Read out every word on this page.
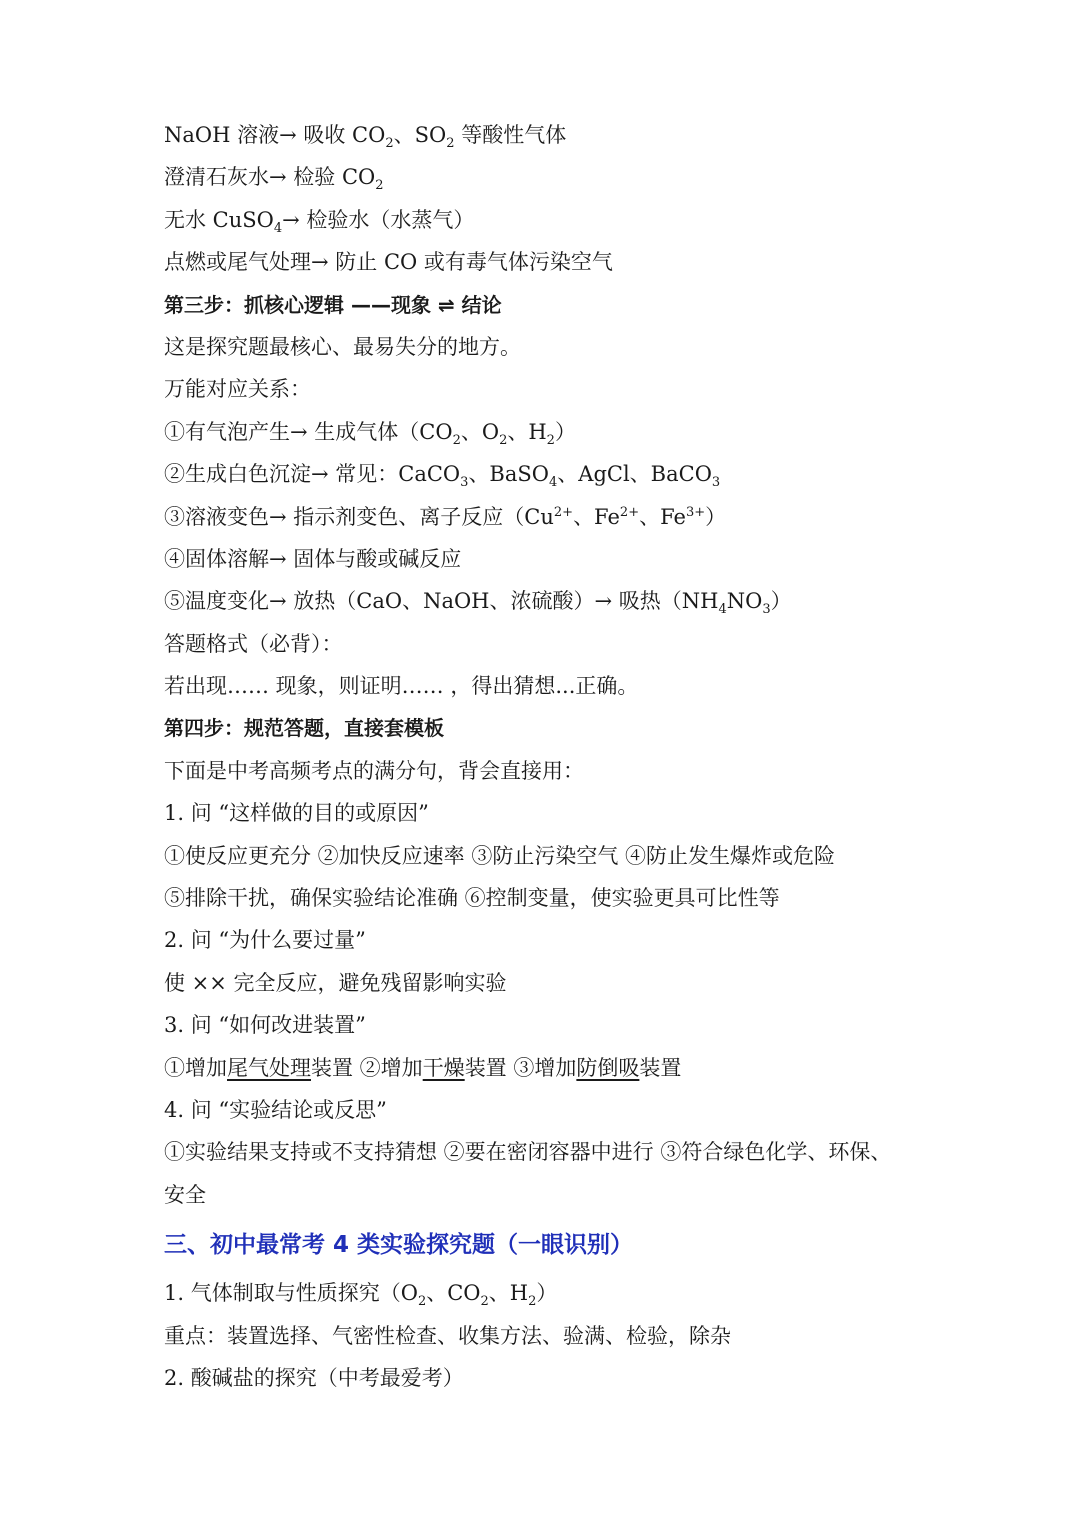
NaOH 溶液→ 吸收 $CO_2$、$SO_2$ 等酸性气体
澄清石灰水→ 检验 $CO_2$
无水 CuSO$_4$→ 检验水（水蒸气）
点燃或尾气处理→ 防止 CO 或有毒气体污染空气
第三步：抓核心逻辑 ——现象 ⇌ 结论
这是探究题最核心、最易失分的地方。
万能对应关系：
①有气泡产生→ 生成气体（$CO_2$、$O_2$、$H_2$）
②生成白色沉淀→ 常见：CaCO$_3$、BaSO$_4$、AgCl、BaCO$_3$
③溶液变色→ 指示剂变色、离子反应（$Cu^{2+}$、$Fe^{2+}$、$Fe^{3+}$）
④固体溶解→ 固体与酸或碱反应
⑤温度变化→ 放热（CaO、NaOH、浓硫酸）→ 吸热$(NH_4NO_3)$
答题格式（必背）：
若出现…… 现象，则证明…… ，得出猜想...正确。
第四步：规范答题，直接套模板
下面是中考高频考点的满分句，背会直接用：
1. 问 “这样做的目的或原因”
①使反应更充分 ②加快反应速率 ③防止污染空气 ④防止发生爆炸或危险
⑤排除干扰，确保实验结论准确 ⑥控制变量，使实验更具可比性等
2. 问 “为什么要过量”
使 ×× 完全反应，避免残留影响实验
3. 问 “如何改进装置”
①增加尾气处理装置 ②增加干燥装置 ③增加防倒吸装置
4. 问 “实验结论或反思”
①实验结果支持或不支持猜想 ②要在密闭容器中进行 ③符合绿色化学、环保、
安全
三、初中最常考 4 类实验探究题（一眼识别）
1. 气体制取与性质探究（$O_2$、$CO_2$、$H_2$）
重点：装置选择、气密性检查、收集方法、验满、检验，除杂
2. 酸碱盐的探究（中考最爱考）
